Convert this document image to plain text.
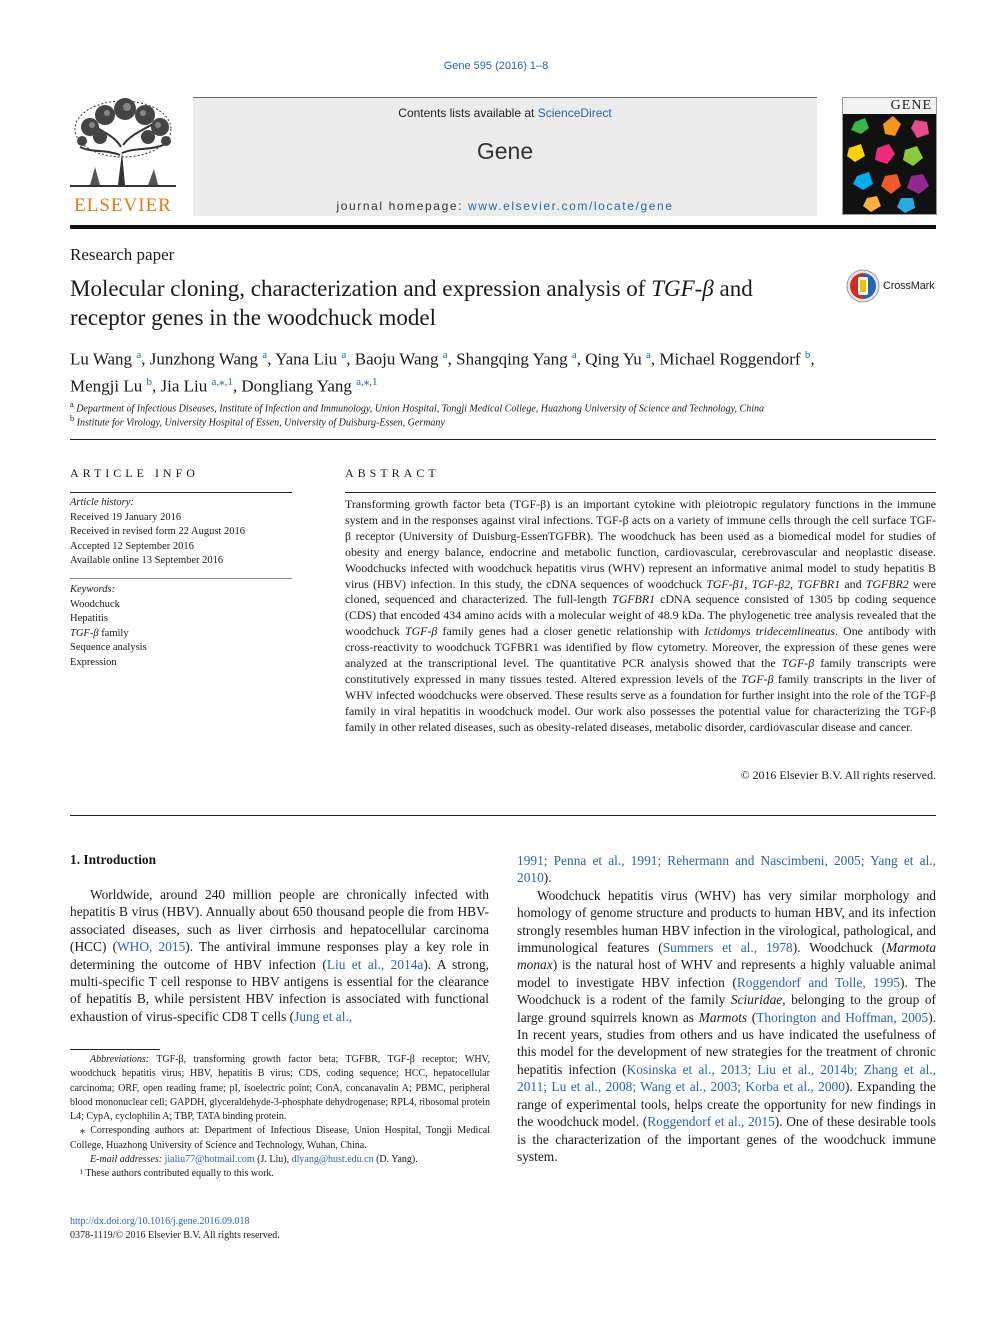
Gene 595 (2016) 1–8
ELSEVIER
Contents lists available at ScienceDirect
Gene
journal homepage: www.elsevier.com/locate/gene
GENE
Research paper
Molecular cloning, characterization and expression analysis of TGF-β and receptor genes in the woodchuck model
CrossMark
Lu Wang $^a$, Junzhong Wang $^a$, Yana Liu $^a$, Baoju Wang $^a$, Shangqing Yang $^a$, Qing Yu $^a$, Michael Roggendorf $^b$,
Mengji Lu $^b$, Jia Liu $^{a,⁎,1}$, Dongliang Yang $^{a,⁎,1}$
$^a$ Department of Infectious Diseases, Institute of Infection and Immunology, Union Hospital, Tongji Medical College, Huazhong University of Science and Technology, China
$^b$ Institute for Virology, University Hospital of Essen, University of Duisburg-Essen, Germany
ARTICLE INFO
Article history:
Received 19 January 2016
Received in revised form 22 August 2016
Accepted 12 September 2016
Available online 13 September 2016
Keywords:
Woodchuck
Hepatitis
TGF-β family
Sequence analysis
Expression
ABSTRACT
Transforming growth factor beta (TGF-β) is an important cytokine with pleiotropic regulatory functions in the immune system and in the responses against viral infections. TGF-β acts on a variety of immune cells through the cell surface TGF-β receptor (University of Duisburg-EssenTGFBR). The woodchuck has been used as a biomedical model for studies of obesity and energy balance, endocrine and metabolic function, cardiovascular, cerebrovascular and neoplastic disease. Woodchucks infected with woodchuck hepatitis virus (WHV) represent an informative animal model to study hepatitis B virus (HBV) infection. In this study, the cDNA sequences of woodchuck TGF-β1, TGF-β2, TGFBR1 and TGFBR2 were cloned, sequenced and characterized. The full-length TGFBR1 cDNA sequence consisted of 1305 bp coding sequence (CDS) that encoded 434 amino acids with a molecular weight of 48.9 kDa. The phylogenetic tree analysis revealed that the woodchuck TGF-β family genes had a closer genetic relationship with Ictidomys tridecemlineatus. One antibody with cross-reactivity to woodchuck TGFBR1 was identified by flow cytometry. Moreover, the expression of these genes were analyzed at the transcriptional level. The quantitative PCR analysis showed that the TGF-β family transcripts were constitutively expressed in many tissues tested. Altered expression levels of the TGF-β family transcripts in the liver of WHV infected woodchucks were observed. These results serve as a foundation for further insight into the role of the TGF-β family in viral hepatitis in woodchuck model. Our work also possesses the potential value for characterizing the TGF-β family in other related diseases, such as obesity-related diseases, metabolic disorder, cardiovascular disease and cancer.
© 2016 Elsevier B.V. All rights reserved.
1. Introduction

Worldwide, around 240 million people are chronically infected with hepatitis B virus (HBV). Annually about 650 thousand people die from HBV-associated diseases, such as liver cirrhosis and hepatocellular carcinoma (HCC) (WHO, 2015). The antiviral immune responses play a key role in determining the outcome of HBV infection (Liu et al., 2014a). A strong, multi-specific T cell response to HBV antigens is essential for the clearance of hepatitis B, while persistent HBV infection is associated with functional exhaustion of virus-specific CD8 T cells (Jung et al.,

Abbreviations: TGF-β, transforming growth factor beta; TGFBR, TGF-β receptor; WHV, woodchuck hepatitis virus; HBV, hepatitis B virus; CDS, coding sequence; HCC, hepatocellular carcinoma; ORF, open reading frame; pI, isoelectric point; ConA, concanavalin A; PBMC, peripheral blood mononuclear cell; GAPDH, glyceraldehyde-3-phosphate dehydrogenase; RPL4, ribosomal protein L4; CypA, cyclophilin A; TBP, TATA binding protein.

⁎ Corresponding authors at: Department of Infectious Disease, Union Hospital, Tongji Medical College, Huazhong University of Science and Technology, Wuhan, China.

E-mail addresses: jialiu77@hotmail.com (J. Liu), dlyang@hust.edu.cn (D. Yang).

¹ These authors contributed equally to this work.

http://dx.doi.org/10.1016/j.gene.2016.09.018
0378-1119/© 2016 Elsevier B.V. All rights reserved.

1991; Penna et al., 1991; Rehermann and Nascimbeni, 2005; Yang et al., 2010).

Woodchuck hepatitis virus (WHV) has very similar morphology and homology of genome structure and products to human HBV, and its infection strongly resembles human HBV infection in the virological, pathological, and immunological features (Summers et al., 1978). Woodchuck (Marmota monax) is the natural host of WHV and represents a highly valuable animal model to investigate HBV infection (Roggendorf and Tolle, 1995). The Woodchuck is a rodent of the family Sciuridae, belonging to the group of large ground squirrels known as Marmots (Thorington and Hoffman, 2005). In recent years, studies from others and us have indicated the usefulness of this model for the development of new strategies for the treatment of chronic hepatitis infection (Kosinska et al., 2013; Liu et al., 2014b; Zhang et al., 2011; Lu et al., 2008; Wang et al., 2003; Korba et al., 2000). Expanding the range of experimental tools, helps create the opportunity for new findings in the woodchuck model. (Roggendorf et al., 2015). One of these desirable tools is the characterization of the important genes of the woodchuck immune system.
